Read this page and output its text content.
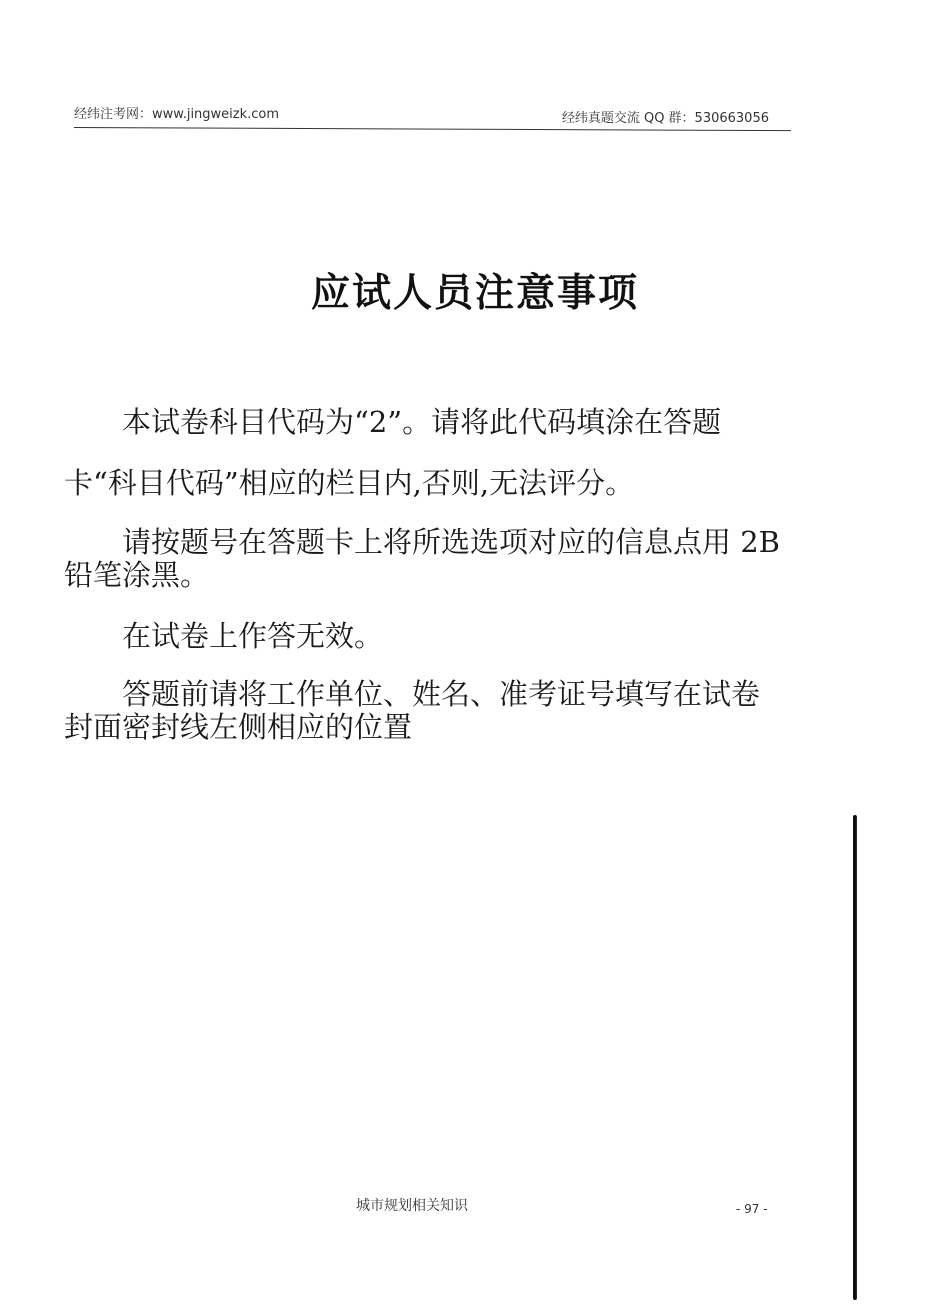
经纬注考网：www.jingweizk.com	经纬真题交流 QQ 群：530663056
应试人员注意事项

本试卷科目代码为“2”。请将此代码填涂在答题卡“科目代码”相应的栏目内,否则,无法评分。

请按题号在答题卡上将所选选项对应的信息点用 2B 铅笔涂黑。

在试卷上作答无效。

答题前请将工作单位、姓名、准考证号填写在试卷封面密封线左侧相应的位置

城市规划相关知识	- 97 -
